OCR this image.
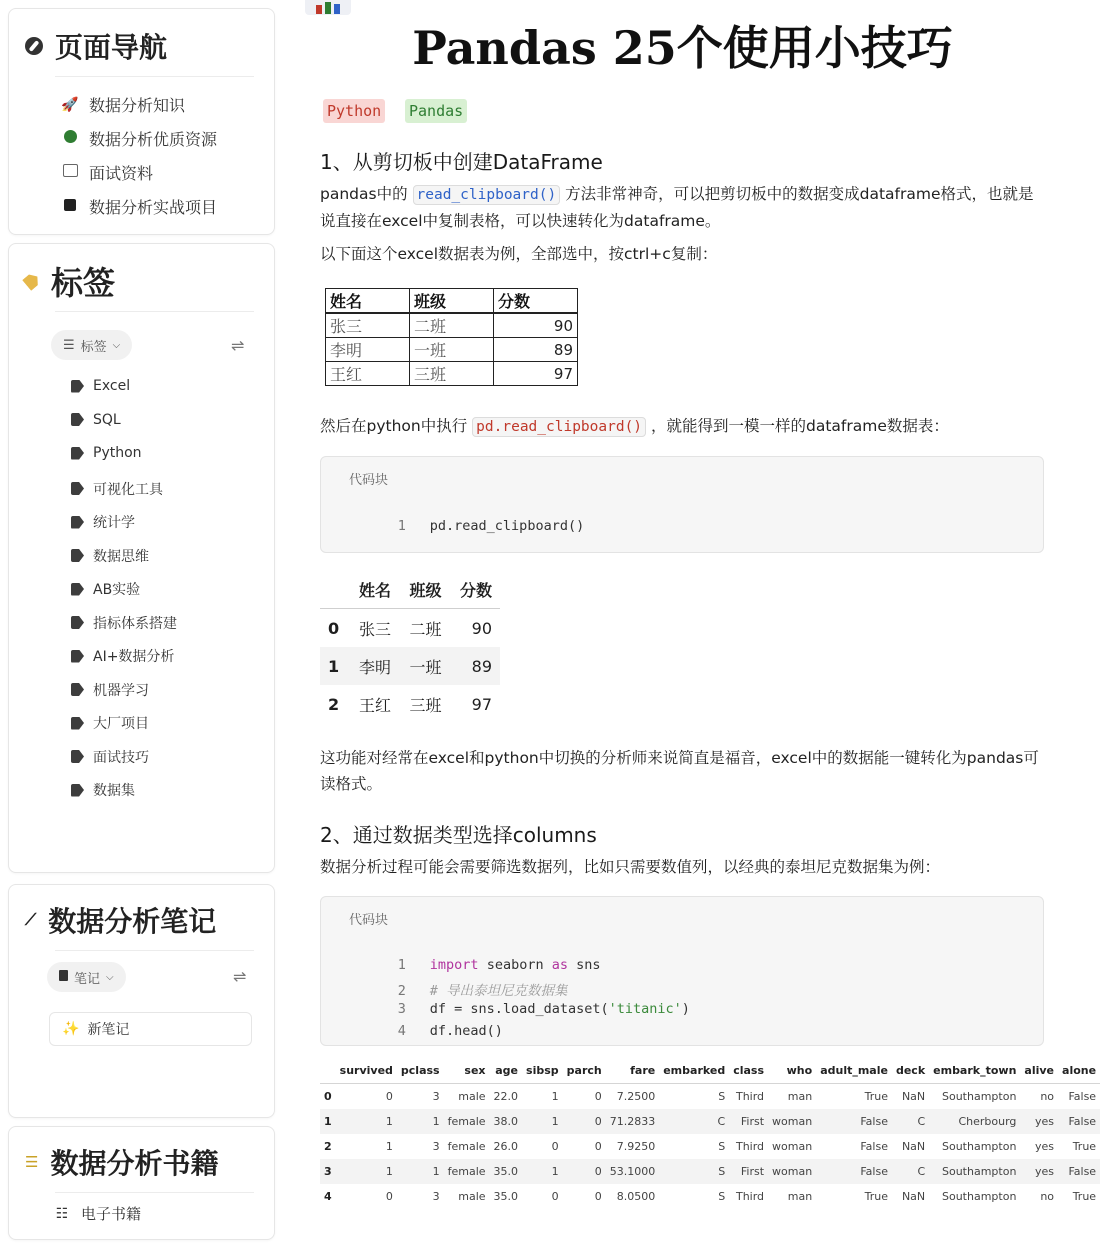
页面导航
🚀 数据分析知识
数据分析优质资源
面试资料
数据分析实战项目
标签
☰ 标签 ⌵	⇌
Excel
SQL
Python
可视化工具
统计学
数据思维
AB实验
指标体系搭建
AI+数据分析
机器学习
大厂项目
面试技巧
数据集
⟋ 数据分析笔记
笔记 ⌵	⇌
✨ 新笔记
☰ 数据分析书籍
☷ 电子书籍
Pandas 25个使用小技巧
Python Pandas
1、从剪切板中创建DataFrame
pandas中的 read_clipboard() 方法非常神奇，可以把剪切板中的数据变成dataframe格式，也就是说直接在excel中复制表格，可以快速转化为dataframe。
以下面这个excel数据表为例，全部选中，按ctrl+c复制：
姓名	班级	分数
张三	二班	90
李明	一班	89
王红	三班	97
然后在python中执行 pd.read_clipboard() ，就能得到一模一样的dataframe数据表：
代码块

1 pd.read_clipboard()

	姓名	班级	分数
0	张三	二班	90
1	李明	一班	89
2	王红	三班	97
这功能对经常在excel和python中切换的分析师来说简直是福音，excel中的数据能一键转化为pandas可读格式。
2、通过数据类型选择columns
数据分析过程可能会需要筛选数据列，比如只需要数值列，以经典的泰坦尼克数据集为例：
代码块

1 import seaborn as sns

2 # 导出泰坦尼克数据集

3 df = sns.load_dataset('titanic')

4 df.head()

	survived	pclass	sex	age	sibsp	parch	fare	embarked	class	who	adult_male	deck	embark_town	alive	alone
0	0	3	male	22.0	1	0	7.2500	S	Third	man	True	NaN	Southampton	no	False
1	1	1	female	38.0	1	0	71.2833	C	First	woman	False	C	Cherbourg	yes	False
2	1	3	female	26.0	0	0	7.9250	S	Third	woman	False	NaN	Southampton	yes	True
3	1	1	female	35.0	1	0	53.1000	S	First	woman	False	C	Southampton	yes	False
4	0	3	male	35.0	0	0	8.0500	S	Third	man	True	NaN	Southampton	no	True
